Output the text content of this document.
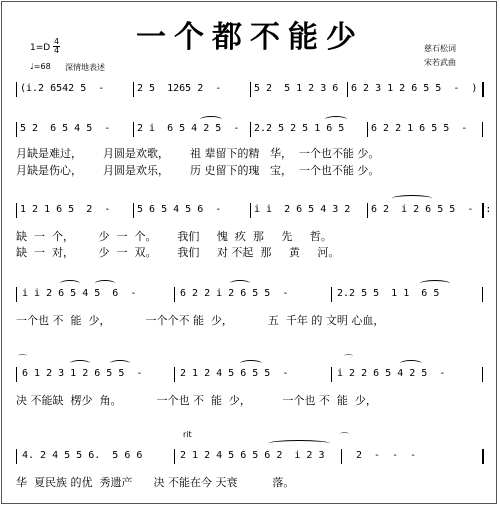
一个都不能少
1=D
4
4
♩=68 深情地表述
慈石松词
宋若武曲
(i.2 6542 5  -	2 5  1265 2  -	5 2  5 1 2 3 6 6 2 3 1 2 6 5 5  -  )
5 2  6 5 4 5  -	2 i  6 5 4 2 5  - 2.2 5 2 5 1 6 5	6 2 2 1 6 5 5  -
月缺是难过，      月圆是欢歌，      祖 辈留下的精   华，  一个也不能 少。
月缺是伤心，      月圆是欢乐，      历 史留下的瑰   宝，  一个也不能 少。
1 2 1 6 5  2  -	5 6 5 4 5 6  -	i i  2 6 5 4 3 2 6 2  i 2 6 5 5  -  :
缺  一  个，       少  一  个。      我们     愧  疚  那     先     哲。
缺  一  对，       少  一  双。      我们     对 不起  那     黄     河。
i i 2 6 5 4 5  6  -	6 2 2 i 2 6 5 5  -	2.2 5 5  1 1  6 5
一个也 不  能  少，          一个个不 能  少，          五  千年 的 文明 心血，
⌒	⌒
6 1 2 3 1 2 6 5 5  -	2 1 2 4 5 6 5 5  -	i 2 2 6 5 4 2 5  -
决 不能缺  楞少  角。          一个也 不  能  少，         一个也 不  能  少，
rit	⌒
4. 2 4 5 5 6.  5 6 6	2 1 2 4 5 6 5 6 2  i 2 3	2  -  -  -
华  夏民族 的优  秀遗产      决 不能在今 天衰          落。
